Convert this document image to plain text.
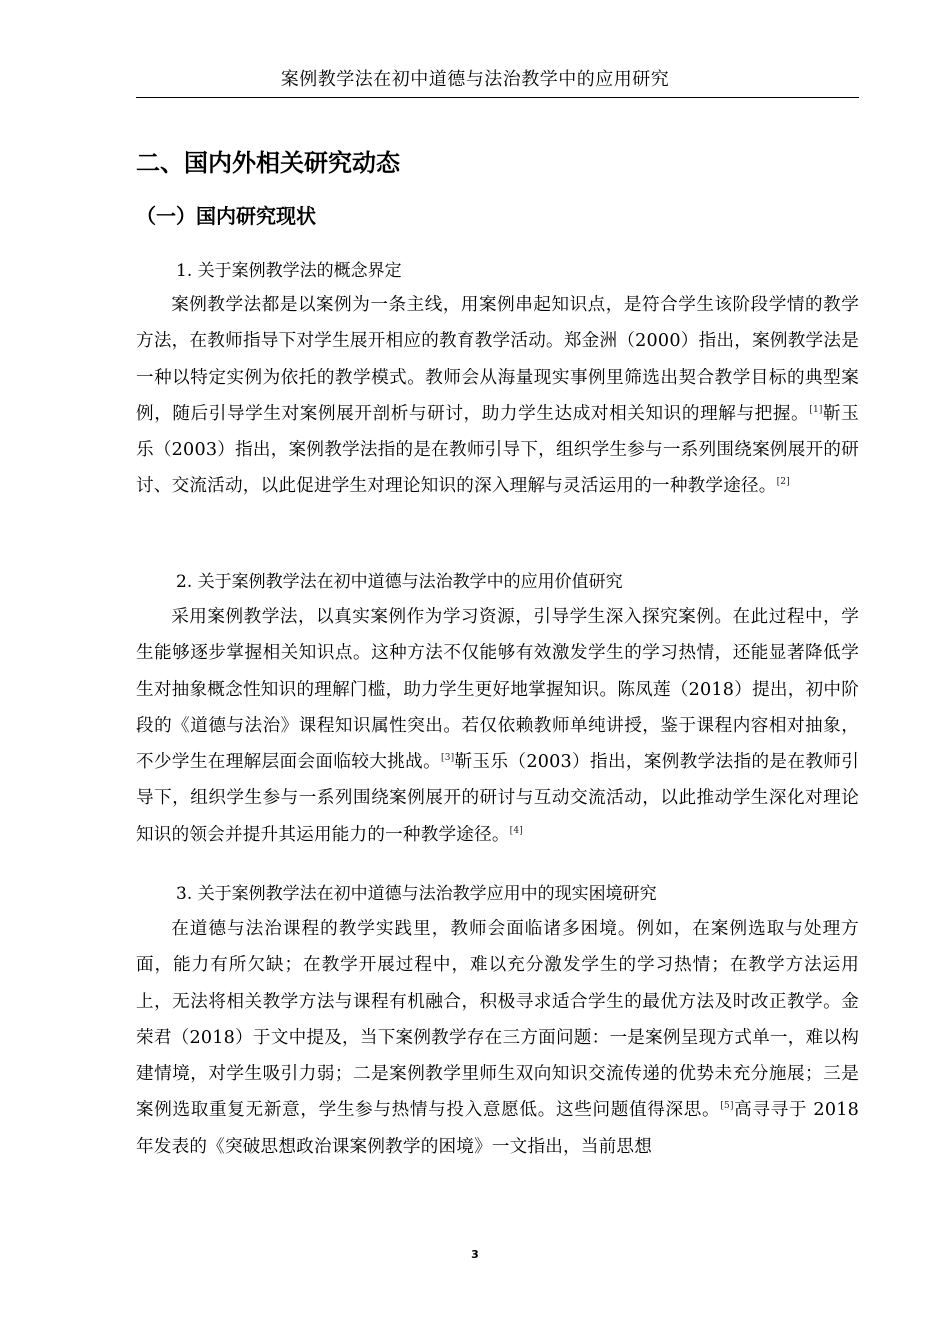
案例教学法在初中道德与法治教学中的应用研究
二、国内外相关研究动态
（一）国内研究现状
1. 关于案例教学法的概念界定
案例教学法都是以案例为一条主线，用案例串起知识点，是符合学生该阶段学情的教学方法，在教师指导下对学生展开相应的教育教学活动。郑金洲（2000）指出，案例教学法是一种以特定实例为依托的教学模式。教师会从海量现实事例里筛选出契合教学目标的典型案例，随后引导学生对案例展开剖析与研讨，助力学生达成对相关知识的理解与把握。[1]靳玉乐（2003）指出，案例教学法指的是在教师引导下，组织学生参与一系列围绕案例展开的研讨、交流活动，以此促进学生对理论知识的深入理解与灵活运用的一种教学途径。[2]
2. 关于案例教学法在初中道德与法治教学中的应用价值研究
采用案例教学法，以真实案例作为学习资源，引导学生深入探究案例。在此过程中，学生能够逐步掌握相关知识点。这种方法不仅能够有效激发学生的学习热情，还能显著降低学生对抽象概念性知识的理解门槛，助力学生更好地掌握知识。陈凤莲（2018）提出，初中阶段的《道德与法治》课程知识属性突出。若仅依赖教师单纯讲授，鉴于课程内容相对抽象，不少学生在理解层面会面临较大挑战。[3]靳玉乐（2003）指出，案例教学法指的是在教师引导下，组织学生参与一系列围绕案例展开的研讨与互动交流活动，以此推动学生深化对理论知识的领会并提升其运用能力的一种教学途径。[4]
3. 关于案例教学法在初中道德与法治教学应用中的现实困境研究
在道德与法治课程的教学实践里，教师会面临诸多困境。例如，在案例选取与处理方面，能力有所欠缺；在教学开展过程中，难以充分激发学生的学习热情；在教学方法运用上，无法将相关教学方法与课程有机融合，积极寻求适合学生的最优方法及时改正教学。金荣君（2018）于文中提及，当下案例教学存在三方面问题：一是案例呈现方式单一，难以构建情境，对学生吸引力弱；二是案例教学里师生双向知识交流传递的优势未充分施展；三是案例选取重复无新意，学生参与热情与投入意愿低。这些问题值得深思。[5]高寻寻于 2018 年发表的《突破思想政治课案例教学的困境》一文指出，当前思想
3
